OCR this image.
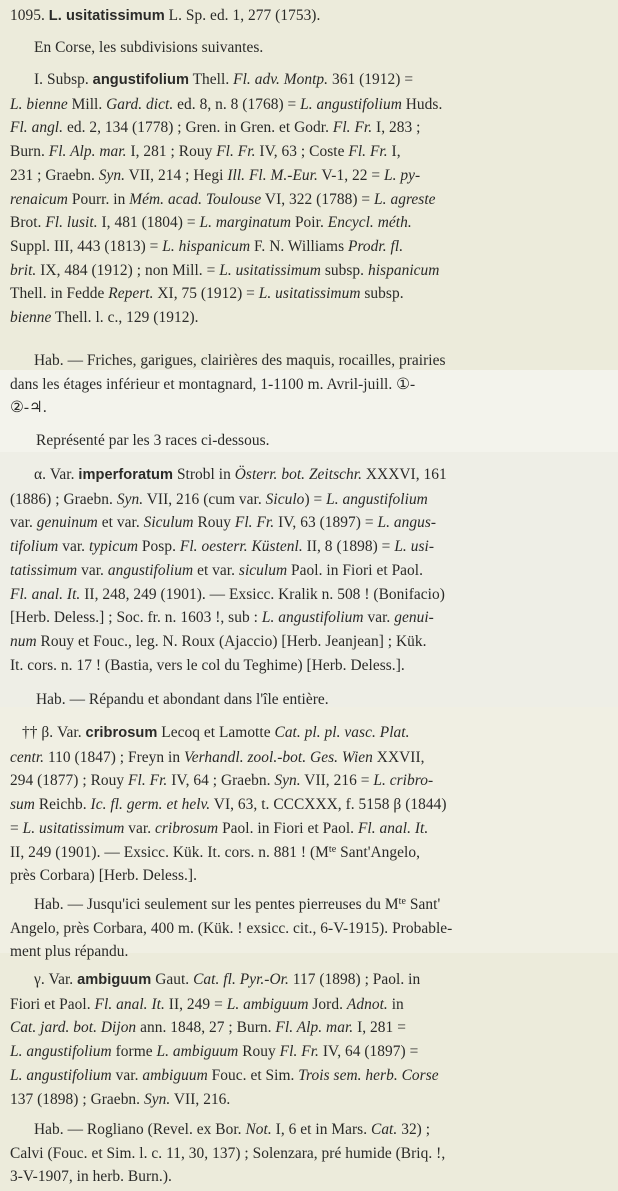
1095. L. usitatissimum L. Sp. ed. 1, 277 (1753).
En Corse, les subdivisions suivantes.
I. Subsp. angustifolium Thell. Fl. adv. Montp. 361 (1912) =
L. bienne Mill. Gard. dict. ed. 8, n. 8 (1768) = L. angustifolium Huds.
Fl. angl. ed. 2, 134 (1778) ; Gren. in Gren. et Godr. Fl. Fr. I, 283 ;
Burn. Fl. Alp. mar. I, 281 ; Rouy Fl. Fr. IV, 63 ; Coste Fl. Fr. I,
231 ; Graebn. Syn. VII, 214 ; Hegi Ill. Fl. M.-Eur. V-1, 22 = L. py-
renaicum Pourr. in Mém. acad. Toulouse VI, 322 (1788) = L. agreste
Brot. Fl. lusit. I, 481 (1804) = L. marginatum Poir. Encycl. méth.
Suppl. III, 443 (1813) = L. hispanicum F. N. Williams Prodr. fl.
brit. IX, 484 (1912) ; non Mill. = L. usitatissimum subsp. hispanicum
Thell. in Fedde Repert. XI, 75 (1912) = L. usitatissimum subsp.
bienne Thell. l. c., 129 (1912).
Hab. — Friches, garigues, clairières des maquis, rocailles, prairies
dans les étages inférieur et montagnard, 1-1100 m. Avril-juill. ①-
②-♃.
Représenté par les 3 races ci-dessous.
α. Var. imperforatum Strobl in Österr. bot. Zeitschr. XXXVI, 161
(1886) ; Graebn. Syn. VII, 216 (cum var. Siculo) = L. angustifolium
var. genuinum et var. Siculum Rouy Fl. Fr. IV, 63 (1897) = L. angus-
tifolium var. typicum Posp. Fl. oesterr. Küstenl. II, 8 (1898) = L. usi-
tatissimum var. angustifolium et var. siculum Paol. in Fiori et Paol.
Fl. anal. It. II, 248, 249 (1901). — Exsicc. Kralik n. 508 ! (Bonifacio)
[Herb. Deless.] ; Soc. fr. n. 1603 !, sub : L. angustifolium var. genui-
num Rouy et Fouc., leg. N. Roux (Ajaccio) [Herb. Jeanjean] ; Kük.
It. cors. n. 17 ! (Bastia, vers le col du Teghime) [Herb. Deless.].
Hab. — Répandu et abondant dans l'île entière.
†† β. Var. cribrosum Lecoq et Lamotte Cat. pl. pl. vasc. Plat.
centr. 110 (1847) ; Freyn in Verhandl. zool.-bot. Ges. Wien XXVII,
294 (1877) ; Rouy Fl. Fr. IV, 64 ; Graebn. Syn. VII, 216 = L. cribro-
sum Reichb. Ic. fl. germ. et helv. VI, 63, t. CCCXXX, f. 5158 β (1844)
= L. usitatissimum var. cribrosum Paol. in Fiori et Paol. Fl. anal. It.
II, 249 (1901). — Exsicc. Kük. It. cors. n. 881 ! ($M^{te}$ Sant'Angelo,
près Corbara) [Herb. Deless.].
Hab. — Jusqu'ici seulement sur les pentes pierreuses du $M^{te}$ Sant'
Angelo, près Corbara, 400 m. (Kük. ! exsicc. cit., 6-V-1915). Probable-
ment plus répandu.
γ. Var. ambiguum Gaut. Cat. fl. Pyr.-Or. 117 (1898) ; Paol. in
Fiori et Paol. Fl. anal. It. II, 249 = L. ambiguum Jord. Adnot. in
Cat. jard. bot. Dijon ann. 1848, 27 ; Burn. Fl. Alp. mar. I, 281 =
L. angustifolium forme L. ambiguum Rouy Fl. Fr. IV, 64 (1897) =
L. angustifolium var. ambiguum Fouc. et Sim. Trois sem. herb. Corse
137 (1898) ; Graebn. Syn. VII, 216.
Hab. — Rogliano (Revel. ex Bor. Not. I, 6 et in Mars. Cat. 32) ;
Calvi (Fouc. et Sim. l. c. 11, 30, 137) ; Solenzara, pré humide (Briq. !,
3-V-1907, in herb. Burn.).
